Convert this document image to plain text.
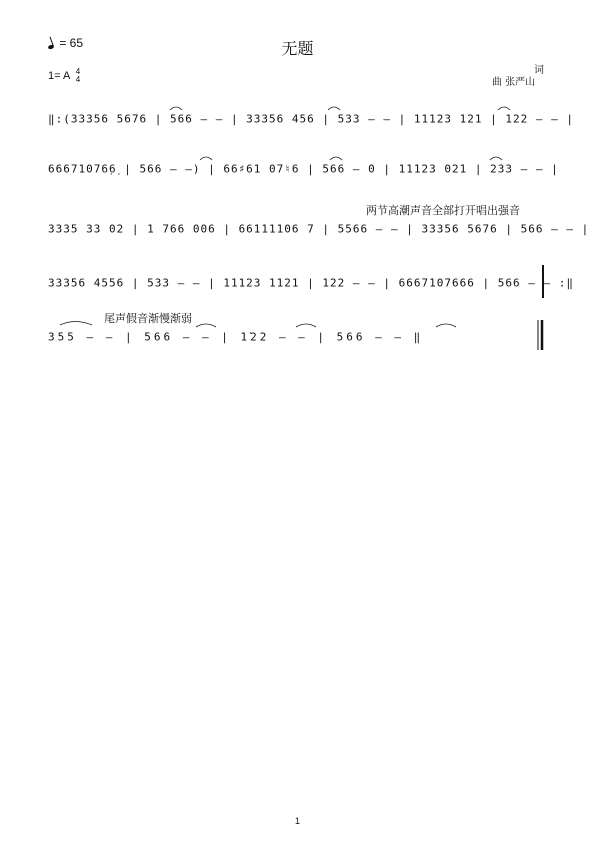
无题
= 65
1= A 4
4
词
曲 张严山
‖:(33356 5676 | 566 — — | 33356 456 | 533 — — | 11123 121 | 122 — — |
66671076̣6̣ | 566 — —) | 66♯61 07♮6 | 566 — 0 | 11123 021 | 233 — — |
两节高潮声音全部打开唱出强音
3335 33 02 | 1 766 006 | 66111106 7 | 5566 — — | 33356 5676 | 566 — — |
33356 4556 | 533 — — | 11123 1121 | 122 — — | 6667107666 | 566 — — :‖
尾声假音渐慢渐弱
355 — — | 566 — — | 1̇22 — — | 566 — — ‖
1
